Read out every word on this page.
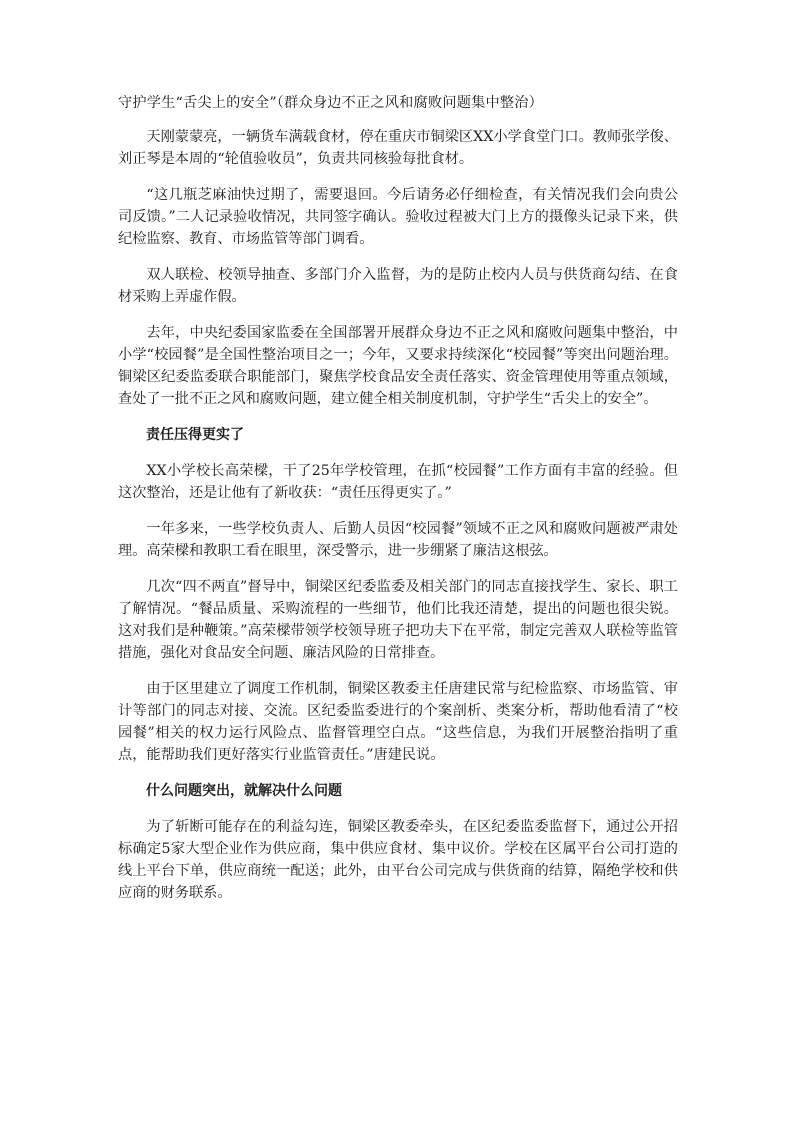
守护学生“舌尖上的安全”（群众身边不正之风和腐败问题集中整治）

天刚蒙蒙亮，一辆货车满载食材，停在重庆市铜梁区XX小学食堂门口。教师张学俊、刘正琴是本周的“轮值验收员”，负责共同核验每批食材。

“这几瓶芝麻油快过期了，需要退回。今后请务必仔细检查，有关情况我们会向贵公司反馈。”二人记录验收情况，共同签字确认。验收过程被大门上方的摄像头记录下来，供纪检监察、教育、市场监管等部门调看。

双人联检、校领导抽查、多部门介入监督，为的是防止校内人员与供货商勾结、在食材采购上弄虚作假。

去年，中央纪委国家监委在全国部署开展群众身边不正之风和腐败问题集中整治，中小学“校园餐”是全国性整治项目之一；今年，又要求持续深化“校园餐”等突出问题治理。铜梁区纪委监委联合职能部门，聚焦学校食品安全责任落实、资金管理使用等重点领域，查处了一批不正之风和腐败问题，建立健全相关制度机制，守护学生“舌尖上的安全”。

责任压得更实了

XX小学校长高荣樑，干了25年学校管理，在抓“校园餐”工作方面有丰富的经验。但这次整治，还是让他有了新收获：“责任压得更实了。”

一年多来，一些学校负责人、后勤人员因“校园餐”领域不正之风和腐败问题被严肃处理。高荣樑和教职工看在眼里，深受警示，进一步绷紧了廉洁这根弦。

几次“四不两直”督导中，铜梁区纪委监委及相关部门的同志直接找学生、家长、职工了解情况。“餐品质量、采购流程的一些细节，他们比我还清楚，提出的问题也很尖锐。这对我们是种鞭策。”高荣樑带领学校领导班子把功夫下在平常，制定完善双人联检等监管措施，强化对食品安全问题、廉洁风险的日常排查。

由于区里建立了调度工作机制，铜梁区教委主任唐建民常与纪检监察、市场监管、审计等部门的同志对接、交流。区纪委监委进行的个案剖析、类案分析，帮助他看清了“校园餐”相关的权力运行风险点、监督管理空白点。“这些信息，为我们开展整治指明了重点，能帮助我们更好落实行业监管责任。”唐建民说。

什么问题突出，就解决什么问题

为了斩断可能存在的利益勾连，铜梁区教委牵头，在区纪委监委监督下，通过公开招标确定5家大型企业作为供应商，集中供应食材、集中议价。学校在区属平台公司打造的线上平台下单，供应商统一配送；此外，由平台公司完成与供货商的结算，隔绝学校和供应商的财务联系。
